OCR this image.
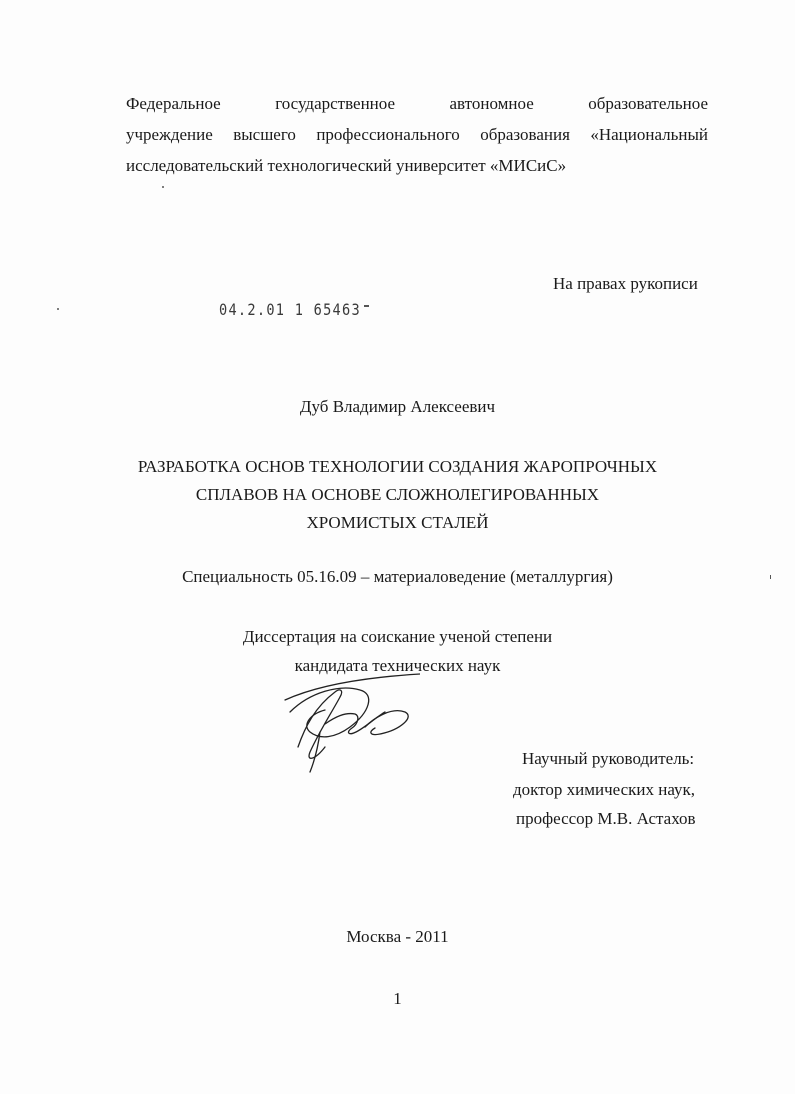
Федеральное государственное автономное образовательное
учреждение высшего профессионального образования «Национальный
исследовательский технологический университет «МИСиС»
На правах рукописи
04.2.01 1 65463
Дуб Владимир Алексеевич
РАЗРАБОТКА ОСНОВ ТЕХНОЛОГИИ СОЗДАНИЯ ЖАРОПРОЧНЫХ
СПЛАВОВ НА ОСНОВЕ СЛОЖНОЛЕГИРОВАННЫХ
ХРОМИСТЫХ СТАЛЕЙ
Специальность 05.16.09 – материаловедение (металлургия)
Диссертация на соискание ученой степени
кандидата технических наук
Научный руководитель:
доктор химических наук,
профессор М.В. Астахов
Москва - 2011
1
